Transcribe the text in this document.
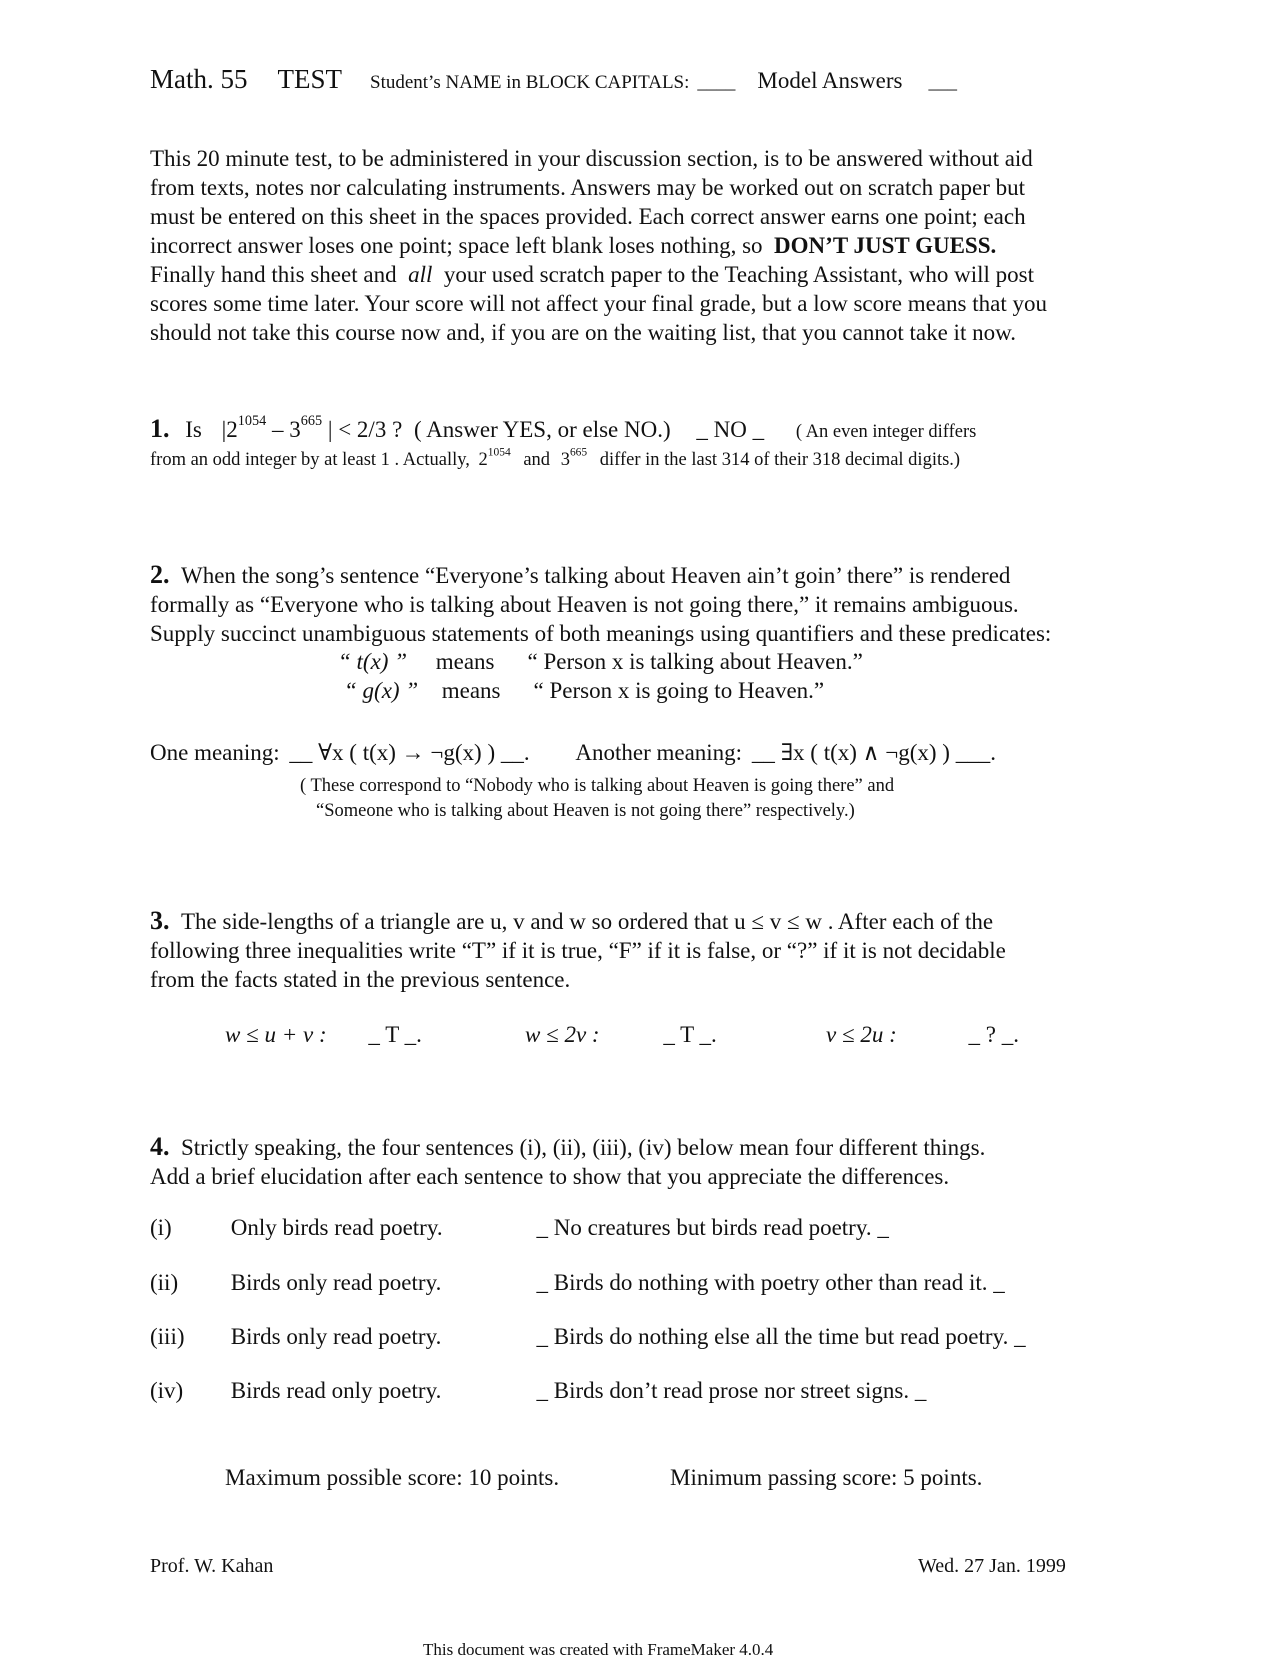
Math. 55 TEST Student’s NAME in BLOCK CAPITALS: ____ Model Answers ___
This 20 minute test, to be administered in your discussion section, is to be answered without aid
from texts, notes nor calculating instruments. Answers may be worked out on scratch paper but
must be entered on this sheet in the spaces provided. Each correct answer earns one point; each
incorrect answer loses one point; space left blank loses nothing, so DON’T JUST GUESS.
Finally hand this sheet and all your used scratch paper to the Teaching Assistant, who will post
scores some time later. Your score will not affect your final grade, but a low score means that you
should not take this course now and, if you are on the waiting list, that you cannot take it now.
1. Is $|2^{1054} - 3^{665}$ | < 2/3 ? ( Answer YES, or else NO.) _ NO _ ( An even integer differs
from an odd integer by at least 1 . Actually, $2^{1054}$ and $3^{665}$ differ in the last 314 of their 318 decimal digits.)
2. When the song’s sentence “Everyone’s talking about Heaven ain’t goin’ there” is rendered
formally as “Everyone who is talking about Heaven is not going there,” it remains ambiguous.
Supply succinct unambiguous statements of both meanings using quantifiers and these predicates:
“ t(x) ” means “ Person x is talking about Heaven.”
“ g(x) ” means “ Person x is going to Heaven.”
One meaning: __ ∀x ( t(x) → ¬g(x) ) __. Another meaning: __ ∃x ( t(x) ∧ ¬g(x) ) ___.
( These correspond to “Nobody who is talking about Heaven is going there” and
“Someone who is talking about Heaven is not going there” respectively.)
3. The side-lengths of a triangle are u, v and w so ordered that u ≤ v ≤ w . After each of the
following three inequalities write “T” if it is true, “F” if it is false, or “?” if it is not decidable
from the facts stated in the previous sentence.
w ≤ u + v : _ T _.	w ≤ 2v :	_ T _.	v ≤ 2u :	_ ? _.
4. Strictly speaking, the four sentences (i), (ii), (iii), (iv) below mean four different things.
Add a brief elucidation after each sentence to show that you appreciate the differences.
(i)	Only birds read poetry.	_ No creatures but birds read poetry. _
(ii) Birds only read poetry.	_ Birds do nothing with poetry other than read it. _
(iii) Birds only read poetry.	_ Birds do nothing else all the time but read poetry. _
(iv) Birds read only poetry.	_ Birds don’t read prose nor street signs. _
Maximum possible score: 10 points.	Minimum passing score: 5 points.
Prof. W. Kahan	Wed. 27 Jan. 1999
This document was created with FrameMaker 4.0.4
